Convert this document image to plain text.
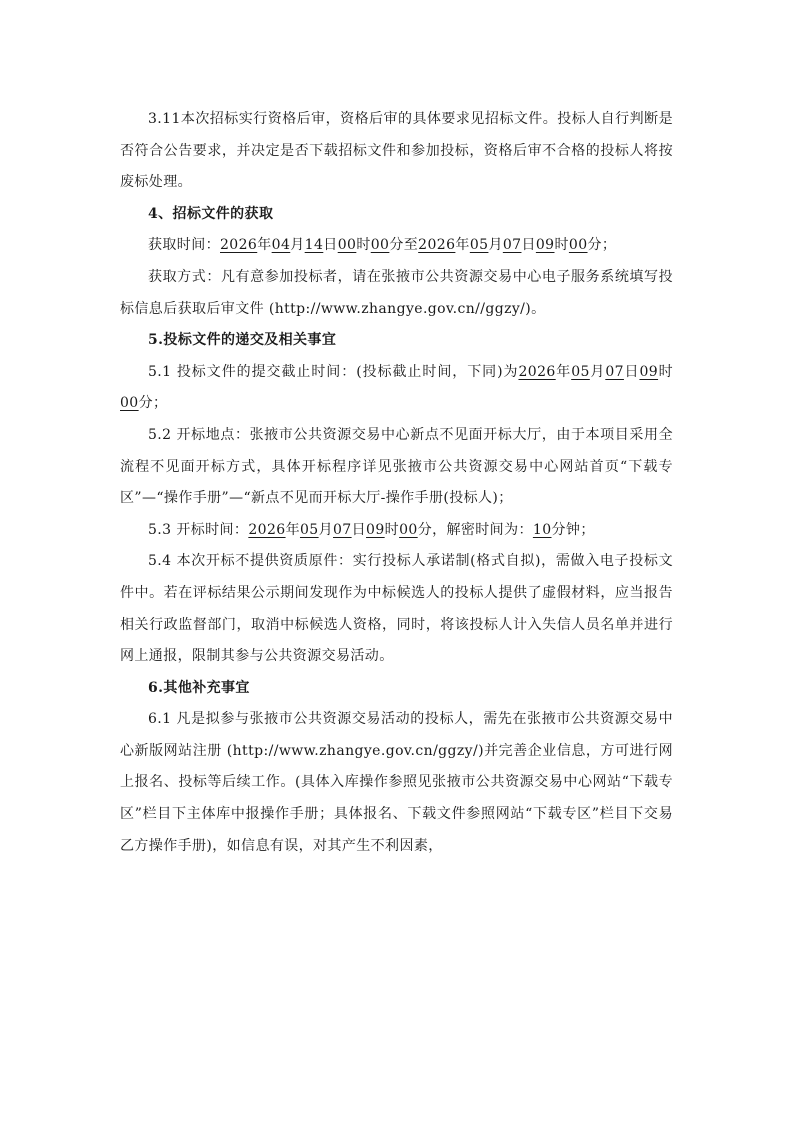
3.11本次招标实行资格后审，资格后审的具体要求见招标文件。投标人自行判断是否符合公告要求，并决定是否下载招标文件和参加投标，资格后审不合格的投标人将按废标处理。

4、招标文件的获取

获取时间：2026年04月14日00时00分至2026年05月07日09时00分；

获取方式：凡有意参加投标者，请在张掖市公共资源交易中心电子服务系统填写投标信息后获取后审文件 (http://www.zhangye.gov.cn//ggzy/)。

5.投标文件的递交及相关事宜

5.1 投标文件的提交截止时间：(投标截止时间，下同)为2026年05月07日09时00分；

5.2 开标地点：张掖市公共资源交易中心新点不见面开标大厅，由于本项目采用全流程不见面开标方式，具体开标程序详见张掖市公共资源交易中心网站首页“下载专区”—“操作手册”—“新点不见而开标大厅-操作手册(投标人)；

5.3 开标时间：2026年05月07日09时00分，解密时间为：10分钟；

5.4 本次开标不提供资质原件：实行投标人承诺制(格式自拟)，需做入电子投标文件中。若在评标结果公示期间发现作为中标候选人的投标人提供了虚假材料，应当报告相关行政监督部门，取消中标候选人资格，同时，将该投标人计入失信人员名单并进行网上通报，限制其参与公共资源交易活动。

6.其他补充事宜

6.1 凡是拟参与张掖市公共资源交易活动的投标人，需先在张掖市公共资源交易中心新版网站注册 (http://www.zhangye.gov.cn/ggzy/)并完善企业信息，方可进行网上报名、投标等后续工作。(具体入库操作参照见张掖市公共资源交易中心网站“下载专区”栏目下主体库中报操作手册；具体报名、下载文件参照网站“下载专区”栏目下交易乙方操作手册)，如信息有误，对其产生不利因素，
